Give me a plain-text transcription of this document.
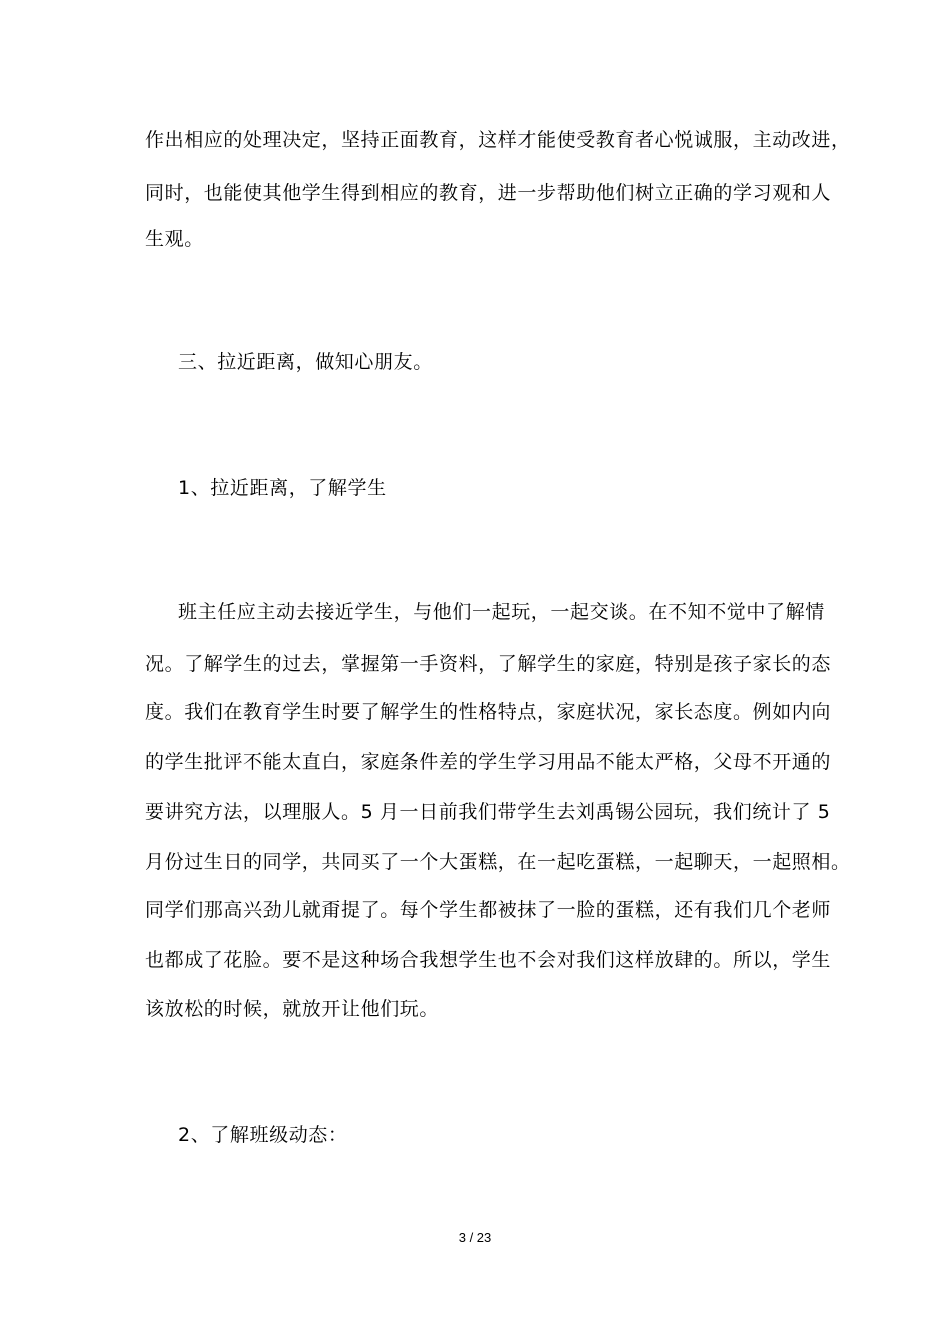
作出相应的处理决定，坚持正面教育，这样才能使受教育者心悦诚服，主动改进，
同时，也能使其他学生得到相应的教育，进一步帮助他们树立正确的学习观和人
生观。
三、拉近距离，做知心朋友。
1、拉近距离，了解学生
班主任应主动去接近学生，与他们一起玩，一起交谈。在不知不觉中了解情
况。了解学生的过去，掌握第一手资料，了解学生的家庭，特别是孩子家长的态
度。我们在教育学生时要了解学生的性格特点，家庭状况，家长态度。例如内向
的学生批评不能太直白，家庭条件差的学生学习用品不能太严格，父母不开通的
要讲究方法，以理服人。5 月一日前我们带学生去刘禹锡公园玩，我们统计了 5
月份过生日的同学，共同买了一个大蛋糕，在一起吃蛋糕，一起聊天，一起照相。
同学们那高兴劲儿就甭提了。每个学生都被抹了一脸的蛋糕，还有我们几个老师
也都成了花脸。要不是这种场合我想学生也不会对我们这样放肆的。所以，学生
该放松的时候，就放开让他们玩。
2、了解班级动态：
3 / 23
